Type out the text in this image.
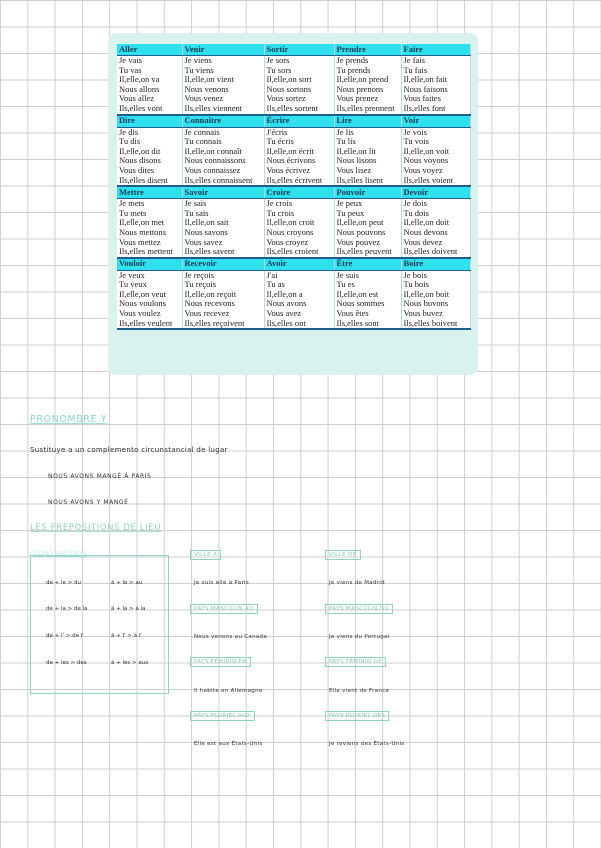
Aller	Venir	Sortir	Prendre	Faire
Je vais	Je viens	Je sors	Je prends	Je fais
Tu vas	Tu viens	Tu sors	Tu prends	Tu fais
Il,elle,on va	Il,elle,on vient	Il,elle,on sort	Il,elle,on prend	Il,elle,on fait
Nous allons	Nous venons	Nous sortons	Nous prenons	Nous faisons
Vous allez	Vous venez	Vous sortez	Vous prenez	Vous faites
Ils,elles vont	Ils,elles viennent	Ils,elles sortent	Ils,elles prennent	Ils,elles font
Dire	Connaître	Écrire	Lire	Voir
Je dis	Je connais	J'écris	Je lis	Je vois
Tu dis	Tu connais	Tu écris	Tu lis	Tu vois
Il,elle,on dit	Il,elle,on connaît	Il,elle,on écrit	Il,elle,on lit	Il,elle,on voit
Nous disons	Nous connaissons	Nous écrivons	Nous lisons	Nous voyons
Vous dites	Vous connaissez	Vous écrivez	Vous lisez	Vous voyez
Ils,elles disent	Ils,elles connaissent	Ils,elles écrivent	Ils,elles lisent	Ils,elles voient
Mettre	Savoir	Croire	Pouvoir	Devoir
Je mets	Je sais	Je crois	Je peux	Je dois
Tu mets	Tu sais	Tu crois	Tu peux	Tu dois
Il,elle,on met	Il,elle,on sait	Il,elle,on croit	Il,elle,on peut	Il,elle,on doit
Nous mettons	Nous savons	Nous croyons	Nous pouvons	Nous devons
Vous mettez	Vous savez	Vous croyez	Vous pouvez	Vous devez
Ils,elles mettent	Ils,elles savent	Ils,elles croient	Ils,elles peuvent	Ils,elles doivent
Vouloir	Recevoir	Avoir	Être	Boire
Je veux	Je reçois	J'ai	Je suis	Je bois
Tu veux	Tu reçois	Tu as	Tu es	Tu bois
Il,elle,on veut	Il,elle,on reçoit	Il,elle,on a	Il,elle,on est	Il,elle,on boit
Nous voulons	Nous recevons	Nous avons	Nous sommes	Nous buvons
Vous voulez	Vous recevez	Vous avez	Vous êtes	Vous buvez
Ils,elles veulent	Ils,elles reçoivent	Ils,elles ont	Ils,elles sont	Ils,elles boivent
PRONOMBRE Y
Sustituye a un complemento circunstancial de lugar
NOUS AVONS MANGÉ À PARIS
NOUS AVONS Y MANGÉ
LES PRÉPOSITIONS DE LIEU
CONTRACTION
de + le > du	à + le > au
de + la > de la	à + la > à la
de + l' > de l'	à + l' > à l'
de + les > des	à + les > aux
VILLE À
Je suis allé à Paris
PAYS MASCULIN AU
Nous venons au Canada
PAYS FÉMININ EN
Il habite en Allemagne
PAYS PLURIEL AUX
Elle est aux États-Unis
VILLE DE
Je viens de Madrid
PAYS MASCULIN DU
Je viens du Portugal
PAYS FÉMININ DE
Elle vient de France
PAYS PLURIEL DES
Je reviens des États-Unis
